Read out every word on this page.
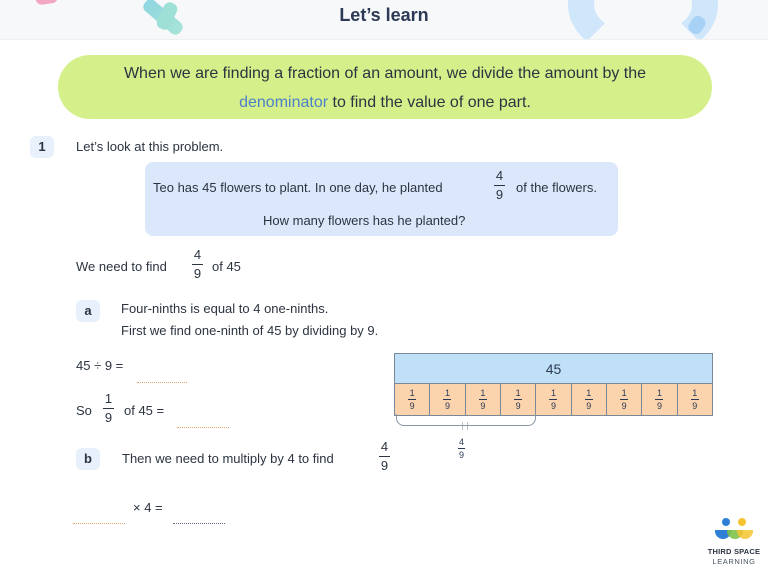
Let’s learn
When we are finding a fraction of an amount, we divide the amount by the
denominator to find the value of one part.
1	Let’s look at this problem.
Teo has 45 flowers to plant. In one day, he planted
4
9 of the flowers.
How many flowers has he planted?
We need to find
4
9 of 45
a	Four-ninths is equal to 4 one-ninths.
First we find one-ninth of 45 by dividing by 9.
45 ÷ 9 =
So
1
9 of 45 =
45
1
9
1
9
1
9
1
9
1
9
1
9
1
9
1
9
1
9
4
9
b	Then we need to multiply by 4 to find
4
9
× 4 =
THIRD SPACE
LEARNING
